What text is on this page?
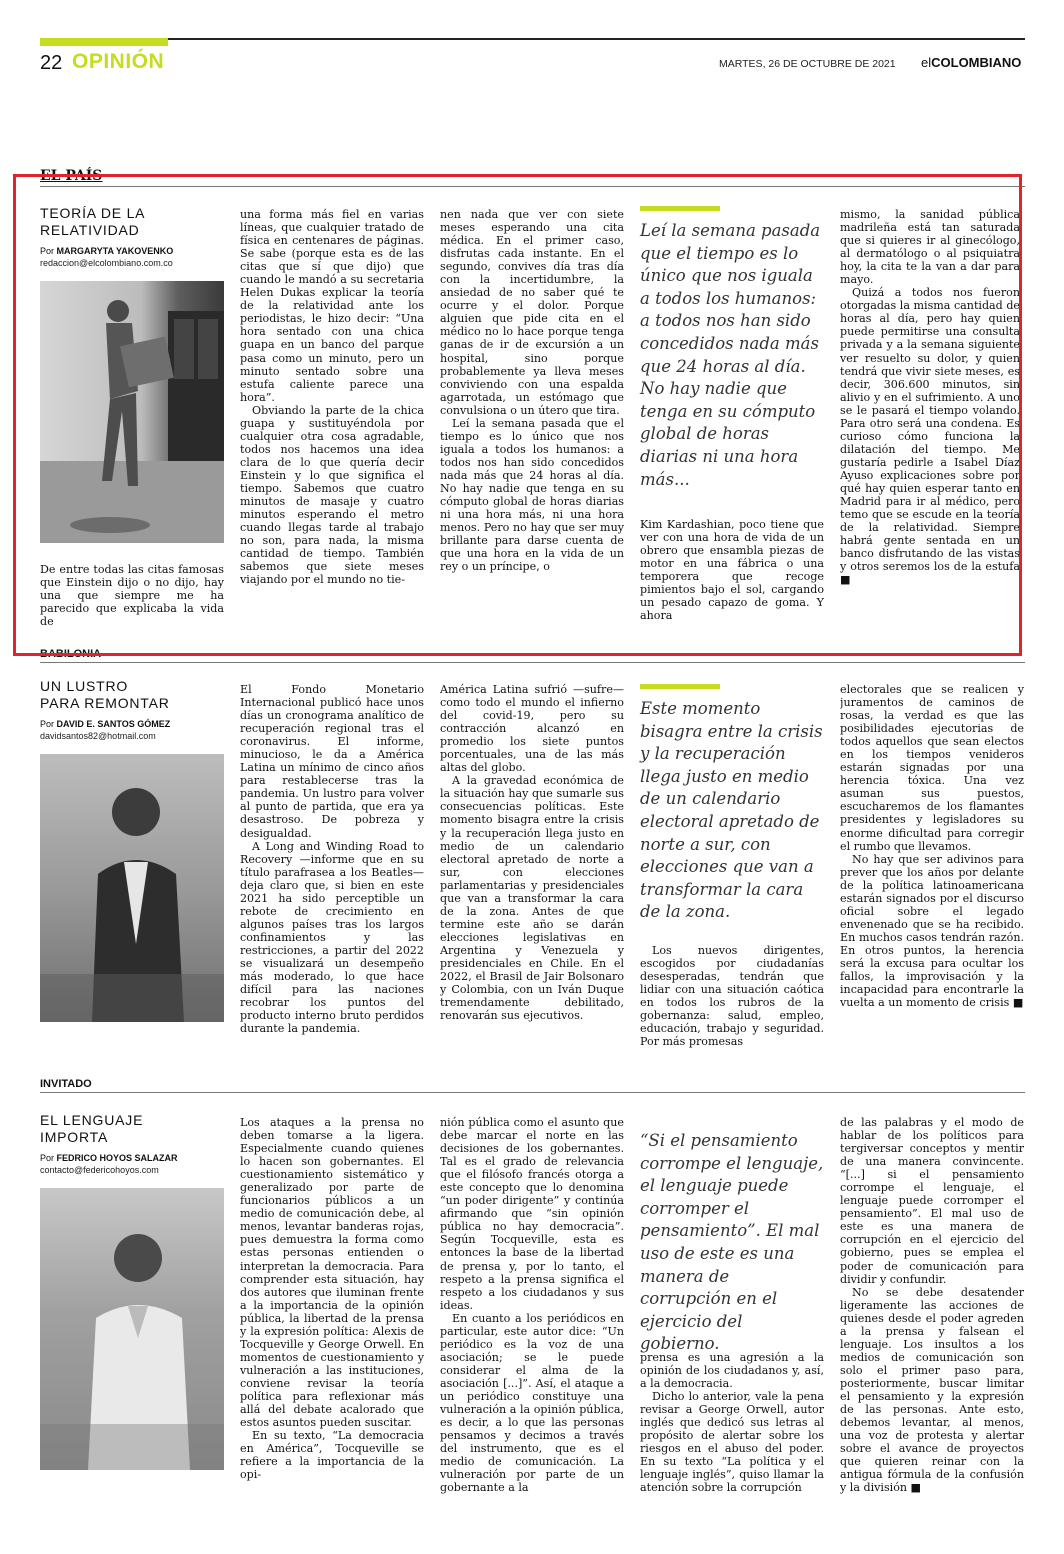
22 OPINIÓN	MARTES, 26 DE OCTUBRE DE 2021 elCOLOMBIANO
EL PAÍS
TEORÍA DE LA
RELATIVIDAD
Por MARGARYTA YAKOVENKO
redaccion@elcolombiano.com.co

De entre todas las citas famosas que Einstein dijo o no dijo, hay una que siempre me ha parecido que explicaba la vida de

una forma más fiel en varias líneas, que cualquier tratado de física en centenares de páginas. Se sabe (porque esta es de las citas que sí que dijo) que cuando le mandó a su secretaria Helen Dukas explicar la teoría de la relatividad ante los periodistas, le hizo decir: “Una hora sentado con una chica guapa en un banco del parque pasa como un minuto, pero un minuto sentado sobre una estufa caliente parece una hora”.

Obviando la parte de la chica guapa y sustituyéndola por cualquier otra cosa agradable, todos nos hacemos una idea clara de lo que quería decir Einstein y lo que significa el tiempo. Sabemos que cuatro minutos de masaje y cuatro minutos esperando el metro cuando llegas tarde al trabajo no son, para nada, la misma cantidad de tiempo. También sabemos que siete meses viajando por el mundo no tie-

nen nada que ver con siete meses esperando una cita médica. En el primer caso, disfrutas cada instante. En el segundo, convives día tras día con la incertidumbre, la ansiedad de no saber qué te ocurre y el dolor. Porque alguien que pide cita en el médico no lo hace porque tenga ganas de ir de excursión a un hospital, sino porque probablemente ya lleva meses conviviendo con una espalda agarrotada, un estómago que convulsiona o un útero que tira.

Leí la semana pasada que el tiempo es lo único que nos iguala a todos los humanos: a todos nos han sido concedidos nada más que 24 horas al día. No hay nadie que tenga en su cómputo global de horas diarias ni una hora más, ni una hora menos. Pero no hay que ser muy brillante para darse cuenta de que una hora en la vida de un rey o un príncipe, o

Leí la semana pasada que el tiempo es lo único que nos iguala a todos los humanos: a todos nos han sido concedidos nada más que 24 horas al día. No hay nadie que tenga en su cómputo global de horas diarias ni una hora más...

Kim Kardashian, poco tiene que ver con una hora de vida de un obrero que ensambla piezas de motor en una fábrica o una temporera que recoge pimientos bajo el sol, cargando un pesado capazo de goma. Y ahora

mismo, la sanidad pública madrileña está tan saturada que si quieres ir al ginecólogo, al dermatólogo o al psiquiatra hoy, la cita te la van a dar para mayo.

Quizá a todos nos fueron otorgadas la misma cantidad de horas al día, pero hay quien puede permitirse una consulta privada y a la semana siguiente ver resuelto su dolor, y quien tendrá que vivir siete meses, es decir, 306.600 minutos, sin alivio y en el sufrimiento. A uno se le pasará el tiempo volando. Para otro será una condena. Es curioso cómo funciona la dilatación del tiempo. Me gustaría pedirle a Isabel Díaz Ayuso explicaciones sobre por qué hay quien esperar tanto en Madrid para ir al médico, pero temo que se escude en la teoría de la relatividad. Siempre habrá gente sentada en un banco disfrutando de las vistas y otros seremos los de la estufa ■

BABILONIA
UN LUSTRO
PARA REMONTAR
Por DAVID E. SANTOS GÓMEZ
davidsantos82@hotmail.com

El Fondo Monetario Internacional publicó hace unos días un cronograma analítico de recuperación regional tras el coronavirus. El informe, minucioso, le da a América Latina un mínimo de cinco años para restablecerse tras la pandemia. Un lustro para volver al punto de partida, que era ya desastroso. De pobreza y desigualdad.

A Long and Winding Road to Recovery —informe que en su título parafrasea a los Beatles— deja claro que, si bien en este 2021 ha sido perceptible un rebote de crecimiento en algunos países tras los largos confinamientos y las restricciones, a partir del 2022 se visualizará un desempeño más moderado, lo que hace difícil para las naciones recobrar los puntos del producto interno bruto perdidos durante la pandemia.

América Latina sufrió —sufre— como todo el mundo el infierno del covid-19, pero su contracción alcanzó en promedio los siete puntos porcentuales, una de las más altas del globo.

A la gravedad económica de la situación hay que sumarle sus consecuencias políticas. Este momento bisagra entre la crisis y la recuperación llega justo en medio de un calendario electoral apretado de norte a sur, con elecciones parlamentarias y presidenciales que van a transformar la cara de la zona. Antes de que termine este año se darán elecciones legislativas en Argentina y Venezuela y presidenciales en Chile. En el 2022, el Brasil de Jair Bolsonaro y Colombia, con un Iván Duque tremendamente debilitado, renovarán sus ejecutivos.

Este momento bisagra entre la crisis y la recuperación llega justo en medio de un calendario electoral apretado de norte a sur, con elecciones que van a transformar la cara de la zona.

Los nuevos dirigentes, escogidos por ciudadanías desesperadas, tendrán que lidiar con una situación caótica en todos los rubros de la gobernanza: salud, empleo, educación, trabajo y seguridad. Por más promesas

electorales que se realicen y juramentos de caminos de rosas, la verdad es que las posibilidades ejecutorias de todos aquellos que sean electos en los tiempos venideros estarán signadas por una herencia tóxica. Una vez asuman sus puestos, escucharemos de los flamantes presidentes y legisladores su enorme dificultad para corregir el rumbo que llevamos.

No hay que ser adivinos para prever que los años por delante de la política latinoamericana estarán signados por el discurso oficial sobre el legado envenenado que se ha recibido. En muchos casos tendrán razón. En otros puntos, la herencia será la excusa para ocultar los fallos, la improvisación y la incapacidad para encontrarle la vuelta a un momento de crisis ■

INVITADO
EL LENGUAJE
IMPORTA
Por FEDRICO HOYOS SALAZAR
contacto@federicohoyos.com

Los ataques a la prensa no deben tomarse a la ligera. Especialmente cuando quienes lo hacen son gobernantes. El cuestionamiento sistemático y generalizado por parte de funcionarios públicos a un medio de comunicación debe, al menos, levantar banderas rojas, pues demuestra la forma como estas personas entienden o interpretan la democracia. Para comprender esta situación, hay dos autores que iluminan frente a la importancia de la opinión pública, la libertad de la prensa y la expresión política: Alexis de Tocqueville y George Orwell. En momentos de cuestionamiento y vulneración a las instituciones, conviene revisar la teoría política para reflexionar más allá del debate acalorado que estos asuntos pueden suscitar.

En su texto, “La democracia en América”, Tocqueville se refiere a la importancia de la opi-

nión pública como el asunto que debe marcar el norte en las decisiones de los gobernantes. Tal es el grado de relevancia que el filósofo francés otorga a este concepto que lo denomina “un poder dirigente” y continúa afirmando que “sin opinión pública no hay democracia”. Según Tocqueville, esta es entonces la base de la libertad de prensa y, por lo tanto, el respeto a la prensa significa el respeto a los ciudadanos y sus ideas.

En cuanto a los periódicos en particular, este autor dice: “Un periódico es la voz de una asociación; se le puede considerar el alma de la asociación [...]”. Así, el ataque a un periódico constituye una vulneración a la opinión pública, es decir, a lo que las personas pensamos y decimos a través del instrumento, que es el medio de comunicación. La vulneración por parte de un gobernante a la

“Si el pensamiento corrompe el lenguaje, el lenguaje puede corromper el pensamiento”. El mal uso de este es una manera de corrupción en el ejercicio del gobierno.

prensa es una agresión a la opinión de los ciudadanos y, así, a la democracia.

Dicho lo anterior, vale la pena revisar a George Orwell, autor inglés que dedicó sus letras al propósito de alertar sobre los riesgos en el abuso del poder. En su texto “La política y el lenguaje inglés”, quiso llamar la atención sobre la corrupción

de las palabras y el modo de hablar de los políticos para tergiversar conceptos y mentir de una manera convincente. “[...] si el pensamiento corrompe el lenguaje, el lenguaje puede corromper el pensamiento”. El mal uso de este es una manera de corrupción en el ejercicio del gobierno, pues se emplea el poder de comunicación para dividir y confundir.

No se debe desatender ligeramente las acciones de quienes desde el poder agreden a la prensa y falsean el lenguaje. Los insultos a los medios de comunicación son solo el primer paso para, posteriormente, buscar limitar el pensamiento y la expresión de las personas. Ante esto, debemos levantar, al menos, una voz de protesta y alertar sobre el avance de proyectos que quieren reinar con la antigua fórmula de la confusión y la división ■
